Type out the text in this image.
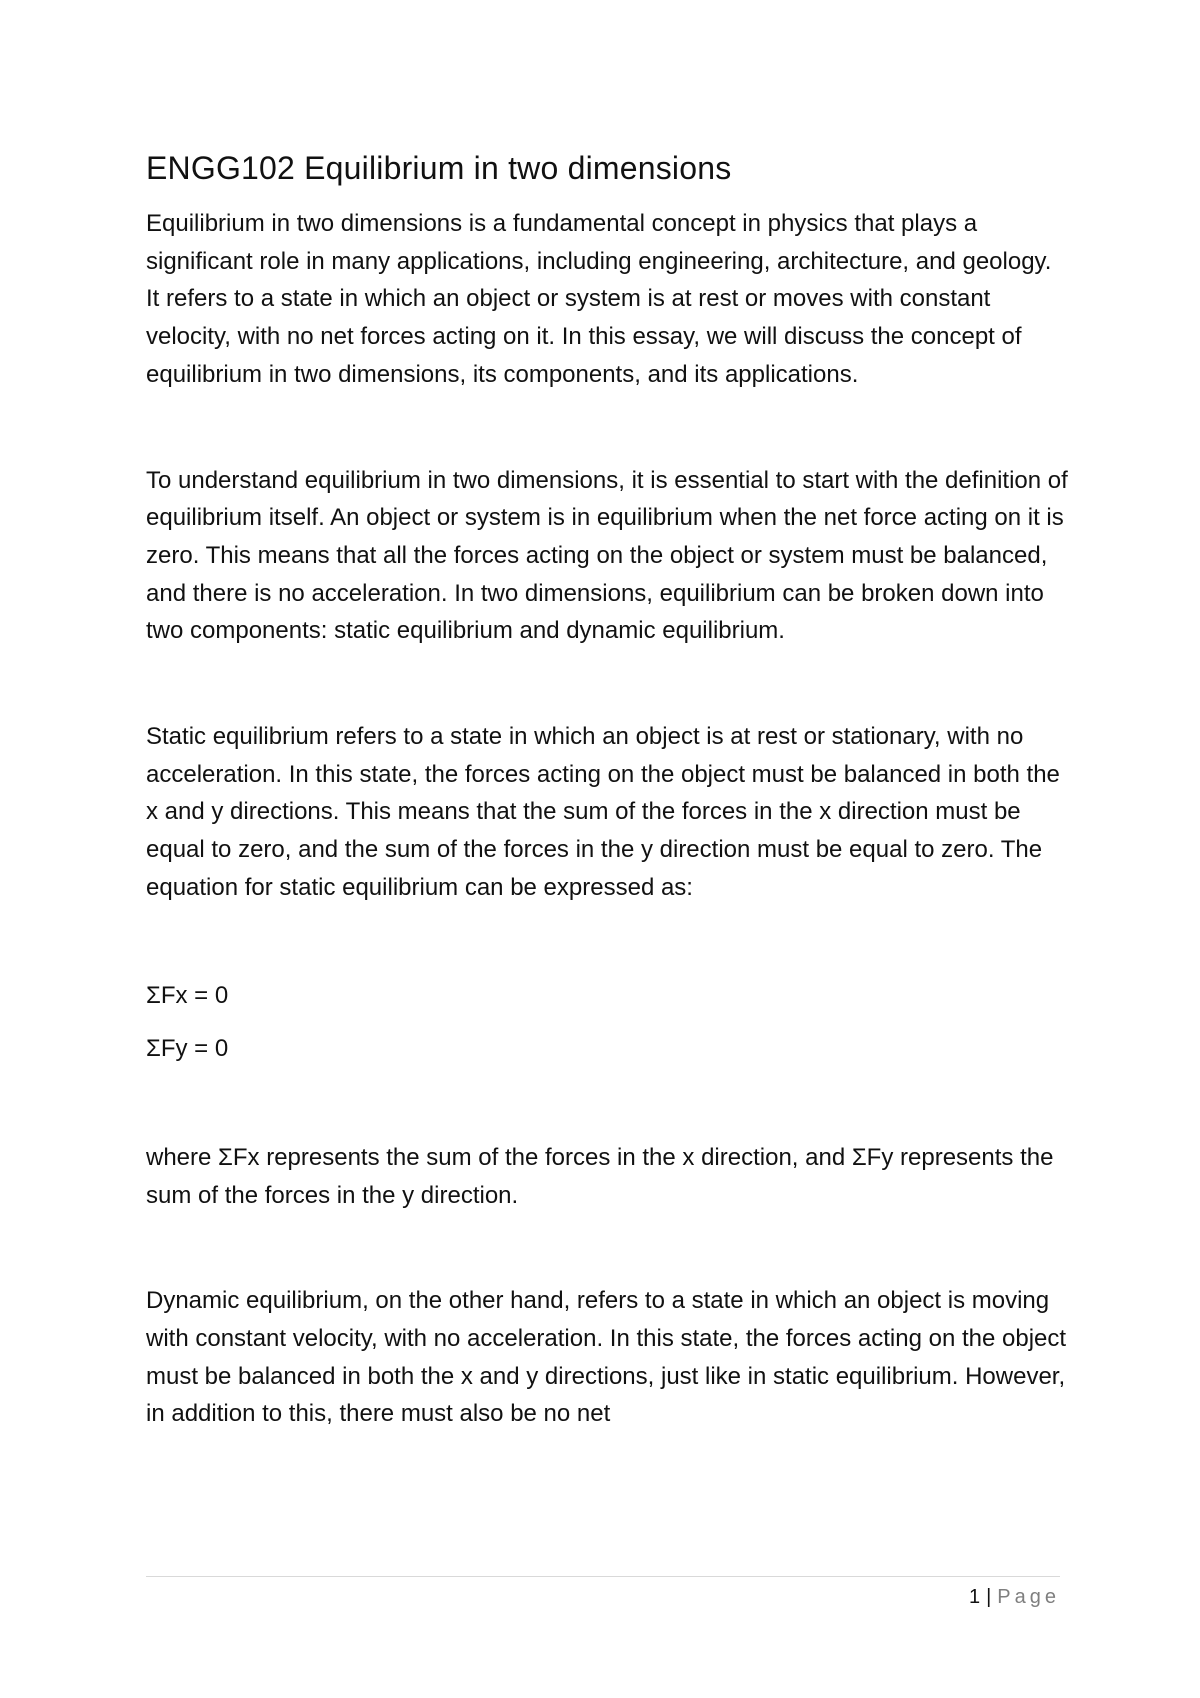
ENGG102 Equilibrium in two dimensions

Equilibrium in two dimensions is a fundamental concept in physics that plays a significant role in many applications, including engineering, architecture, and geology. It refers to a state in which an object or system is at rest or moves with constant velocity, with no net forces acting on it. In this essay, we will discuss the concept of equilibrium in two dimensions, its components, and its applications.

To understand equilibrium in two dimensions, it is essential to start with the definition of equilibrium itself. An object or system is in equilibrium when the net force acting on it is zero. This means that all the forces acting on the object or system must be balanced, and there is no acceleration. In two dimensions, equilibrium can be broken down into two components: static equilibrium and dynamic equilibrium.

Static equilibrium refers to a state in which an object is at rest or stationary, with no acceleration. In this state, the forces acting on the object must be balanced in both the x and y directions. This means that the sum of the forces in the x direction must be equal to zero, and the sum of the forces in the y direction must be equal to zero. The equation for static equilibrium can be expressed as:

ΣFx = 0

ΣFy = 0

where ΣFx represents the sum of the forces in the x direction, and ΣFy represents the sum of the forces in the y direction.

Dynamic equilibrium, on the other hand, refers to a state in which an object is moving with constant velocity, with no acceleration. In this state, the forces acting on the object must be balanced in both the x and y directions, just like in static equilibrium. However, in addition to this, there must also be no net

1 | Page
